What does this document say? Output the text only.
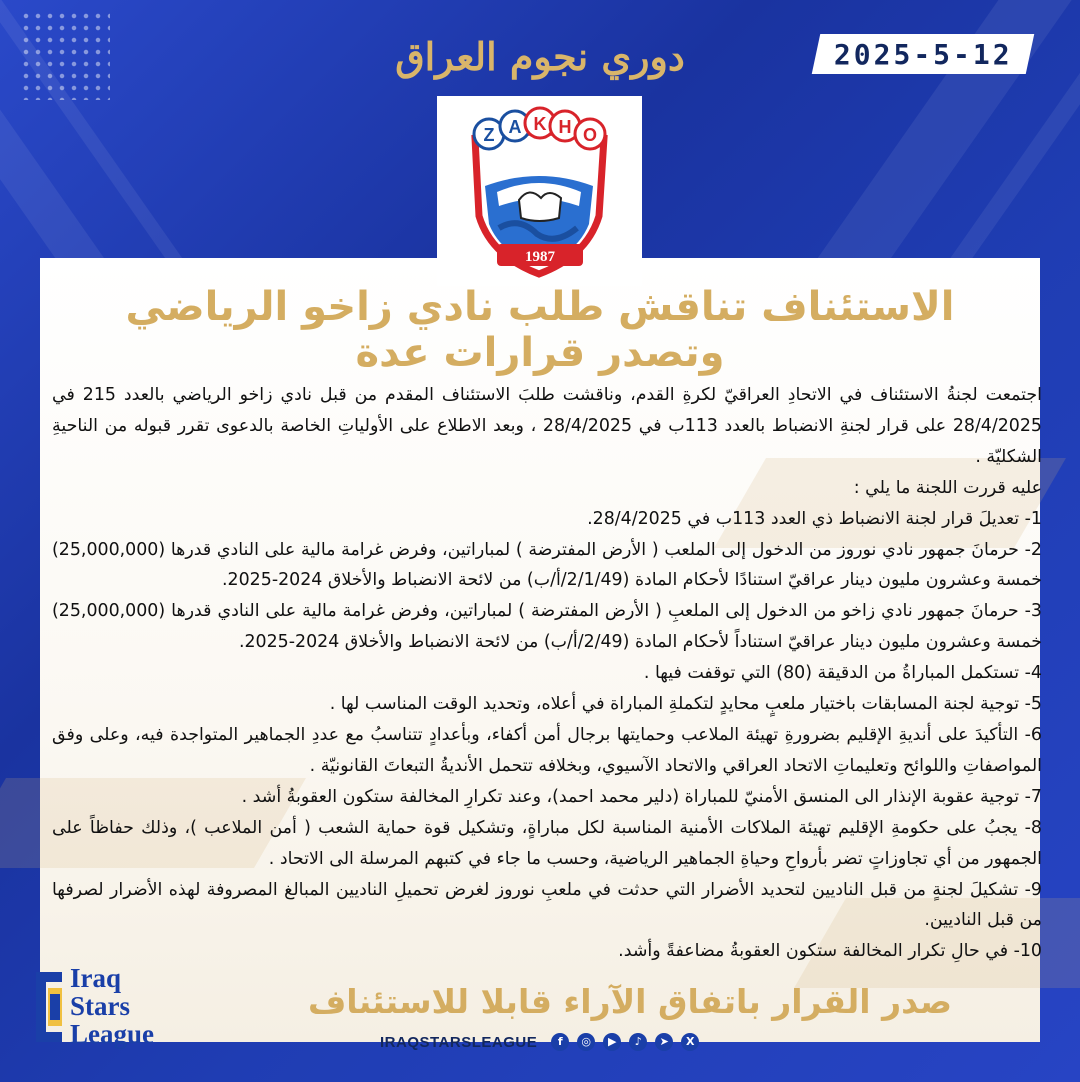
دوري نجوم العراق	2025-5-12
Z A K H O
1987
الاستئناف تناقش طلب نادي زاخو الرياضي
وتصدر قرارات عدة

اجتمعت لجنةُ الاستئناف في الاتحادِ العراقيّ لكرةِ القدم، وناقشت طلبَ الاستئناف المقدم من قبل نادي زاخو الرياضي بالعدد 215 في 28/4/2025 على قرار لجنةِ الانضباط بالعدد 113ب في 28/4/2025 ، وبعد الاطلاع على الأولياتِ الخاصة بالدعوى تقرر قبوله من الناحيةِ الشكليّة .

عليه قررت اللجنة ما يلي :

1- تعديلَ قرار لجنة الانضباط ذي العدد 113ب في 28/4/2025.

2- حرمانَ جمهور نادي نوروز من الدخول إلى الملعب ( الأرض المفترضة ) لمباراتين، وفرض غرامة مالية على النادي قدرها (25,000,000) خمسة وعشرون مليون دينار عراقيّ استنادًا لأحكام المادة (2/1/49/أ/ب) من لائحة الانضباط والأخلاق 2024-2025.

3- حرمانَ جمهور نادي زاخو من الدخول إلى الملعبِ ( الأرض المفترضة ) لمباراتين، وفرض غرامة مالية على النادي قدرها (25,000,000) خمسة وعشرون مليون دينار عراقيّ استناداً لأحكام المادة (2/49/أ/ب) من لائحة الانضباط والأخلاق 2024-2025.

4- تستكمل المباراةُ من الدقيقة (80) التي توقفت فيها .

5- توجية لجنة المسابقات باختيار ملعبٍ محايدٍ لتكملةِ المباراة في أعلاه، وتحديد الوقت المناسب لها .

6- التأكيدَ على أنديةِ الإقليم بضرورةِ تهيئة الملاعب وحمايتها برجال أمن أكفاء، وبأعدادٍ تتناسبُ مع عددِ الجماهير المتواجدة فيه، وعلى وفق المواصفاتِ واللوائح وتعليماتِ الاتحاد العراقي والاتحاد الآسيوي، وبخلافه تتحمل الأنديةُ التبعاتَ القانونيّة .

7- توجية عقوبة الإنذار الى المنسق الأمنيّ للمباراة (دلير محمد احمد)، وعند تكرارِ المخالفة ستكون العقوبةُ أشد .

8- يجبُ على حكومةِ الإقليم تهيئة الملاكات الأمنية المناسبة لكل مباراةٍ، وتشكيل قوة حماية الشعب ( أمن الملاعب )، وذلك حفاظاً على الجمهور من أي تجاوزاتٍ تضر بأرواحِ وحياةِ الجماهير الرياضية، وحسب ما جاء في كتبهم المرسلة الى الاتحاد .

9- تشكيلَ لجنةٍ من قبل الناديين لتحديد الأضرار التي حدثت في ملعبِ نوروز لغرض تحميلِ الناديين المبالغ المصروفة لهذه الأضرار لصرفها من قبل الناديين.

10- في حالِ تكرار المخالفة ستكون العقوبةُ مضاعفةً وأشد.

صدر القرار باتفاق الآراء قابلا للاستئناف
Iraq
Stars
League	IRAQSTARSLEAGUE	f	◎	▶	♪	➤	X
